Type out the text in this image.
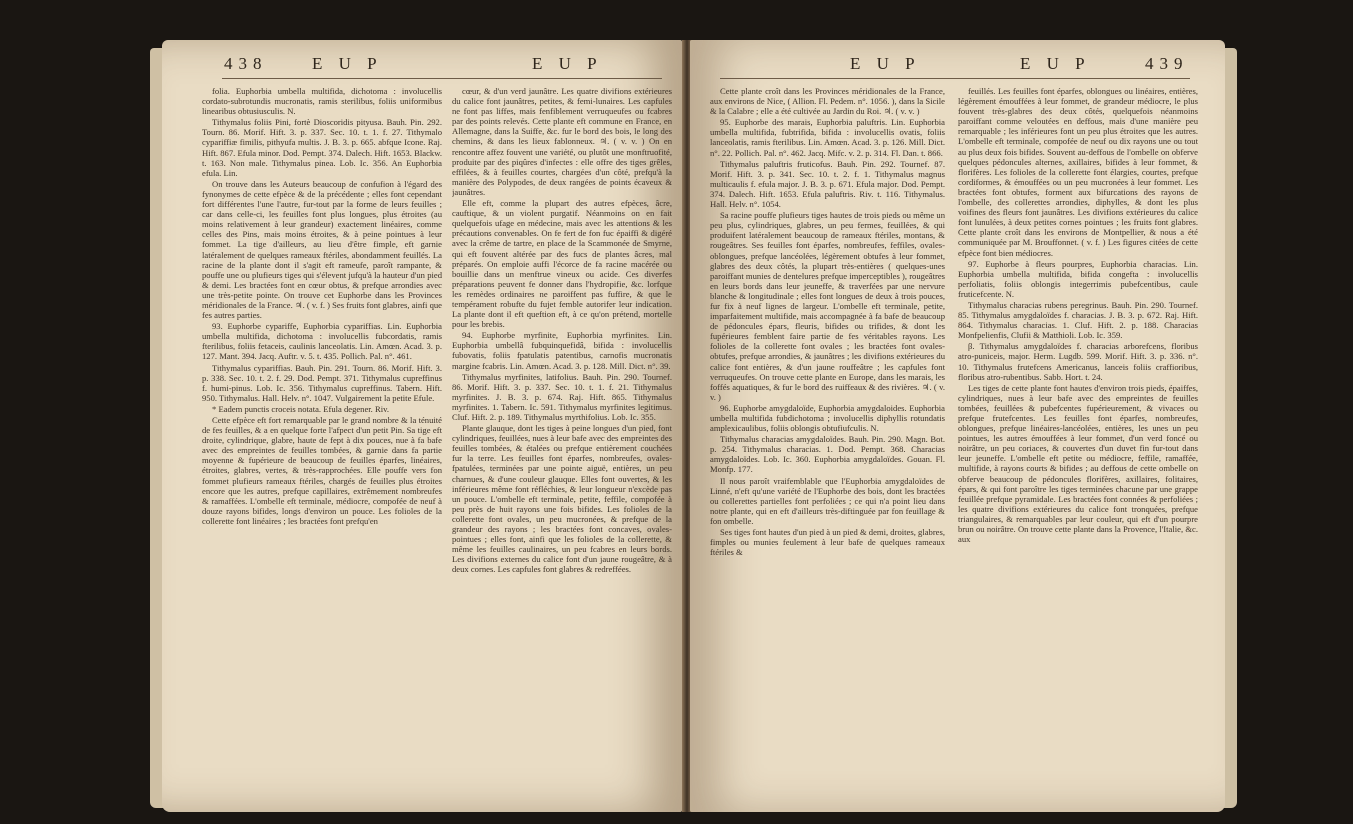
438	E U P	E U P

folia. Euphorbia umbella multifida, dichotoma : involucellis cordato-subrotundis mucronatis, ramis sterilibus, foliis uniformibus linearibus obtusiusculis. N.

Tithymalus foliis Pini, fortè Dioscoridis pityusa. Bauh. Pin. 292. Tourn. 86. Morif. Hift. 3. p. 337. Sec. 10. t. 1. f. 27. Tithymalo cypariffiæ fimilis, pithyufa multis. J. B. 3. p. 665. abfque Icone. Raj. Hift. 867. Efula minor. Dod. Pempt. 374. Dalech. Hift. 1653. Blackw. t. 163. Non male. Tithymalus pinea. Lob. Ic. 356. An Euphorbia efula. Lin.

On trouve dans les Auteurs beaucoup de confufion à l'égard des fynonymes de cette efpèce & de la précédente ; elles font cependant fort différentes l'une l'autre, fur-tout par la forme de leurs feuilles ; car dans celle-ci, les feuilles font plus longues, plus étroites (au moins relativement à leur grandeur) exactement linéaires, comme celles des Pins, mais moins étroites, & à peine pointues à leur fommet. La tige d'ailleurs, au lieu d'être fimple, eft garnie latéralement de quelques rameaux ftériles, abondamment feuillés. La racine de la plante dont il s'agit eft rameufe, paroît rampante, & pouffe une ou plufieurs tiges qui s'élevent jufqu'à la hauteur d'un pied & demi. Les bractées font en cœur obtus, & prefque arrondies avec une très-petite pointe. On trouve cet Euphorbe dans les Provinces méridionales de la France. ♃. ( v. f. ) Ses fruits font glabres, ainfi que fes autres parties.

93. Euphorbe cypariffe, Euphorbia cypariffias. Lin. Euphorbia umbella multifida, dichotoma : involucellis fubcordatis, ramis fterilibus, foliis fetaceis, caulinis lanceolatis. Lin. Amœn. Acad. 3. p. 127. Mant. 394. Jacq. Auftr. v. 5. t. 435. Pollich. Pal. n°. 461.

Tithymalus cypariffias. Bauh. Pin. 291. Tourn. 86. Morif. Hift. 3. p. 338. Sec. 10. t. 2. f. 29. Dod. Pempt. 371. Tithymalus cupreffinus f. humi-pinus. Lob. Ic. 356. Tithymalus cupreffinus. Tabern. Hift. 950. Tithymalus. Hall. Helv. n°. 1047. Vulgairement la petite Efule.

* Eadem punctis croceis notata. Efula degener. Riv.

Cette efpèce eft fort remarquable par le grand nombre & la ténuité de fes feuilles, & a en quelque forte l'afpect d'un petit Pin. Sa tige eft droite, cylindrique, glabre, haute de fept à dix pouces, nue à fa bafe avec des empreintes de feuilles tombées, & garnie dans fa partie moyenne & fupérieure de beaucoup de feuilles éparfes, linéaires, étroites, glabres, vertes, & très-rapprochées. Elle pouffe vers fon fommet plufieurs rameaux ftériles, chargés de feuilles plus étroites encore que les autres, prefque capillaires, extrêmement nombreufes & ramaffées. L'ombelle eft terminale, médiocre, compofée de neuf à douze rayons bifides, longs d'environ un pouce. Les folioles de la collerette font linéaires ; les bractées font prefqu'en

cœur, & d'un verd jaunâtre. Les quatre divifions extérieures du calice font jaunâtres, petites, & femi-lunaires. Les capfules ne font pas liffes, mais fenfiblement verruqueufes ou fcabres par des points relevés. Cette plante eft commune en France, en Allemagne, dans la Suiffe, &c. fur le bord des bois, le long des chemins, & dans les lieux fablonneux. ♃. ( v. v. ) On en rencontre affez fouvent une variété, ou plutôt une monftruofité, produite par des piqûres d'infectes : elle offre des tiges grêles, effilées, & à feuilles courtes, chargées d'un côté, prefqu'à la manière des Polypodes, de deux rangées de points écaveux & jaunâtres.

Elle eft, comme la plupart des autres efpèces, âcre, cauftique, & un violent purgatif. Néanmoins on en fait quelquefois ufage en médecine, mais avec les attentions & les précautions convenables. On fe fert de fon fuc épaiffi & digéré avec la crême de tartre, en place de la Scammonée de Smyrne, qui eft fouvent altérée par des fucs de plantes âcres, mal préparés. On emploie auffi l'écorce de fa racine macérée ou bouillie dans un menftrue vineux ou acide. Ces diverfes préparations peuvent fe donner dans l'hydropifie, &c. lorfque les remèdes ordinaires ne paroiffent pas fuffire, & que le tempérament robufte du fujet femble autorifer leur indication. La plante dont il eft queftion eft, à ce qu'on prétend, mortelle pour les brebis.

94. Euphorbe myrfinite, Euphorbia myrfinites. Lin. Euphorbia umbellâ fubquinquefidâ, bifida : involucellis fubovatis, foliis fpatulatis patentibus, carnofis mucronatis margine fcabris. Lin. Amœn. Acad. 3. p. 128. Mill. Dict. n°. 39.

Tithymalus myrfinites, latifolius. Bauh. Pin. 290. Tournef. 86. Morif. Hift. 3. p. 337. Sec. 10. t. 1. f. 21. Tithymalus myrfinites. J. B. 3. p. 674. Raj. Hift. 865. Tithymalus myrfinites. 1. Tabern. Ic. 591. Tithymalus myrfinites legitimus. Cluf. Hift. 2. p. 189. Tithymalus myrthifolius. Lob. Ic. 355.

Plante glauque, dont les tiges à peine longues d'un pied, font cylindriques, feuillées, nues à leur bafe avec des empreintes des feuilles tombées, & étalées ou prefque entièrement couchées fur la terre. Les feuilles font éparfes, nombreufes, ovales-fpatulées, terminées par une pointe aiguë, entières, un peu charnues, & d'une couleur glauque. Elles font ouvertes, & les inférieures même font réfléchies, & leur longueur n'excède pas un pouce. L'ombelle eft terminale, petite, feffile, compofée à peu près de huit rayons une fois bifides. Les folioles de la collerette font ovales, un peu mucronées, & prefque de la grandeur des rayons ; les bractées font concaves, ovales-pointues ; elles font, ainfi que les folioles de la collerette, & même les feuilles caulinaires, un peu fcabres en leurs bords. Les divifions externes du calice font d'un jaune rougeâtre, & à deux cornes. Les capfules font glabres & redreffées.

E U P	E U P	439

Cette plante croît dans les Provinces méridionales de la France, aux environs de Nice, ( Allion. Fl. Pedem. n°. 1056. ), dans la Sicile & la Calabre ; elle a été cultivée au Jardin du Roi. ♃. ( v. v. )

95. Euphorbe des marais, Euphorbia paluftris. Lin. Euphorbia umbella multifida, fubtrifida, bifida : involucellis ovatis, foliis lanceolatis, ramis fterilibus. Lin. Amœn. Acad. 3. p. 126. Mill. Dict. n°. 22. Pollich. Pal. n°. 462. Jacq. Mifc. v. 2. p. 314. Fl. Dan. t. 866.

Tithymalus paluftris fruticofus. Bauh. Pin. 292. Tournef. 87. Morif. Hift. 3. p. 341. Sec. 10. t. 2. f. 1. Tithymalus magnus multicaulis f. efula major. J. B. 3. p. 671. Efula major. Dod. Pempt. 374. Dalech. Hift. 1653. Efula paluftris. Riv. t. 116. Tithymalus. Hall. Helv. n°. 1054.

Sa racine pouffe plufieurs tiges hautes de trois pieds ou même un peu plus, cylindriques, glabres, un peu fermes, feuillées, & qui produifent latéralement beaucoup de rameaux ftériles, montans, & rougeâtres. Ses feuilles font éparfes, nombreufes, feffiles, ovales-oblongues, prefque lancéolées, légèrement obtufes à leur fommet, glabres des deux côtés, la plupart très-entières ( quelques-unes paroiffant munies de dentelures prefque imperceptibles ), rougeâtres en leurs bords dans leur jeuneffe, & traverfées par une nervure blanche & longitudinale ; elles font longues de deux à trois pouces, fur fix à neuf lignes de largeur. L'ombelle eft terminale, petite, imparfaitement multifide, mais accompagnée à fa bafe de beaucoup de pédoncules épars, fleuris, bifides ou trifides, & dont les fupérieures femblent faire partie de fes véritables rayons. Les folioles de la collerette font ovales ; les bractées font ovales-obtufes, prefque arrondies, & jaunâtres ; les divifions extérieures du calice font entières, & d'un jaune rouffeâtre ; les capfules font verruqueufes. On trouve cette plante en Europe, dans les marais, les foffés aquatiques, & fur le bord des ruiffeaux & des rivières. ♃. ( v. v. )

96. Euphorbe amygdaloïde, Euphorbia amygdaloides. Euphorbia umbella multifida fubdichotoma ; involucellis diphyllis rotundatis amplexicaulibus, foliis oblongis obtufiufculis. N.

Tithymalus characias amygdaloïdes. Bauh. Pin. 290. Magn. Bot. p. 254. Tithymalus characias. 1. Dod. Pempt. 368. Characias amygdaloïdes. Lob. Ic. 360. Euphorbia amygdaloïdes. Gouan. Fl. Monfp. 177.

Il nous paroît vraifemblable que l'Euphorbia amygdaloïdes de Linné, n'eft qu'une variété de l'Euphorbe des bois, dont les bractées ou collerettes partielles font perfoliées ; ce qui n'a point lieu dans notre plante, qui en eft d'ailleurs très-diftinguée par fon feuillage & fon ombelle.

Ses tiges font hautes d'un pied à un pied & demi, droites, glabres, fimples ou munies feulement à leur bafe de quelques rameaux ftériles &

feuillés. Les feuilles font éparfes, oblongues ou linéaires, entières, légèrement émouffées à leur fommet, de grandeur médiocre, le plus fouvent très-glabres des deux côtés, quelquefois néanmoins paroiffant comme veloutées en deffous, mais d'une manière peu remarquable ; les inférieures font un peu plus étroites que les autres. L'ombelle eft terminale, compofée de neuf ou dix rayons une ou tout au plus deux fois bifides. Souvent au-deffous de l'ombelle on obferve quelques pédoncules alternes, axillaires, bifides à leur fommet, & florifères. Les folioles de la collerette font élargies, courtes, prefque cordiformes, & émouffées ou un peu mucronées à leur fommet. Les bractées font obtufes, forment aux bifurcations des rayons de l'ombelle, des collerettes arrondies, diphylles, & dont les plus voifines des fleurs font jaunâtres. Les divifions extérieures du calice font lunulées, à deux petites cornes pointues ; les fruits font glabres. Cette plante croît dans les environs de Montpellier, & nous a été communiquée par M. Brouffonnet. ( v. f. ) Les figures citées de cette efpèce font bien médiocres.

97. Euphorbe à fleurs pourpres, Euphorbia characias. Lin. Euphorbia umbella multifida, bifida congefta : involucellis perfoliatis, foliis oblongis integerrimis pubefcentibus, caule fruticefcente. N.

Tithymalus characias rubens peregrinus. Bauh. Pin. 290. Tournef. 85. Tithymalus amygdaloïdes f. characias. J. B. 3. p. 672. Raj. Hift. 864. Tithymalus characias. 1. Cluf. Hift. 2. p. 188. Characias Monfpelienfis, Clufii & Matthioli. Lob. Ic. 359.

β. Tithymalus amygdaloïdes f. characias arborefcens, floribus atro-puniceis, major. Herm. Lugdb. 599. Morif. Hift. 3. p. 336. n°. 10. Tithymalus frutefcens Americanus, lanceis foliis craffioribus, floribus atro-rubentibus. Sabb. Hort. t. 24.

Les tiges de cette plante font hautes d'environ trois pieds, épaiffes, cylindriques, nues à leur bafe avec des empreintes de feuilles tombées, feuillées & pubefcentes fupérieurement, & vivaces ou prefque frutefcentes. Les feuilles font éparfes, nombreufes, oblongues, prefque linéaires-lancéolées, entières, les unes un peu pointues, les autres émouffées à leur fommet, d'un verd foncé ou noirâtre, un peu coriaces, & couvertes d'un duvet fin fur-tout dans leur jeuneffe. L'ombelle eft petite ou médiocre, feffile, ramaffée, multifide, à rayons courts & bifides ; au deffous de cette ombelle on obferve beaucoup de pédoncules florifères, axillaires, folitaires, épars, & qui font paroître les tiges terminées chacune par une grappe feuillée prefque pyramidale. Les bractées font connées & perfoliées ; les quatre divifions extérieures du calice font tronquées, prefque triangulaires, & remarquables par leur couleur, qui eft d'un pourpre brun ou noirâtre. On trouve cette plante dans la Provence, l'Italie, &c. aux
